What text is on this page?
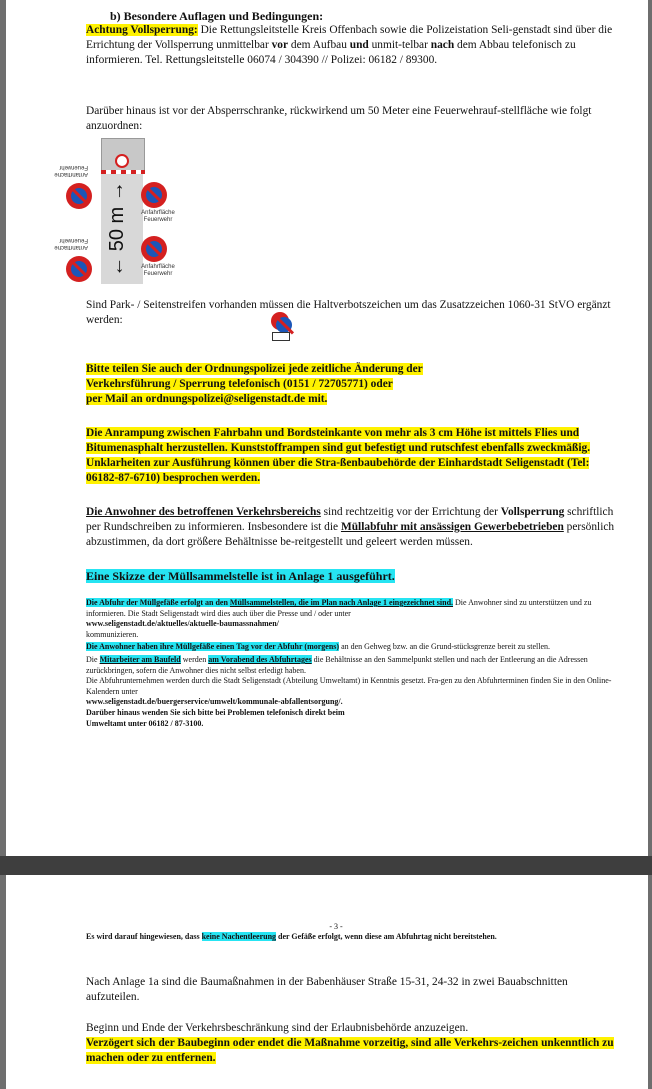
b) Besondere Auflagen und Bedingungen:
Achtung Vollsperrung: Die Rettungsleitstelle Kreis Offenbach sowie die Polizeistation Seli-genstadt sind über die Errichtung der Vollsperrung unmittelbar vor dem Aufbau und unmit-telbar nach dem Abbau telefonisch zu informieren. Tel. Rettungsleitstelle 06074 / 304390 // Polizei: 06182 / 89300.
Darüber hinaus ist vor der Absperrschranke, rückwirkend um 50 Meter eine Feuerwehrauf-stellfläche wie folgt anzuordnen:
← 50 m →	Anfahrfläche Feuerwehr
Anfahrfläche Feuerwehr
Anfahrfläche Feuerwehr
Anfahrfläche Feuerwehr
Sind Park- / Seitenstreifen vorhanden müssen die Haltverbotszeichen um das Zusatzzeichen 1060-31 StVO ergänzt werden:
Bitte teilen Sie auch der Ordnungspolizei jede zeitliche Änderung der
Verkehrsführung / Sperrung telefonisch (0151 / 72705771) oder
per Mail an ordnungspolizei@seligenstadt.de mit.
Die Anrampung zwischen Fahrbahn und Bordsteinkante von mehr als 3 cm Höhe ist mittels Flies und Bitumenasphalt herzustellen. Kunststofframpen sind gut befestigt und rutschfest ebenfalls zweckmäßig. Unklarheiten zur Ausführung können über die Stra-ßenbaubehörde der Einhardstadt Seligenstadt (Tel: 06182-87-6710) besprochen werden.
Die Anwohner des betroffenen Verkehrsbereichs sind rechtzeitig vor der Errichtung der Vollsperrung schriftlich per Rundschreiben zu informieren. Insbesondere ist die Müllabfuhr mit ansässigen Gewerbebetrieben persönlich abzustimmen, da dort größere Behältnisse be-reitgestellt und geleert werden müssen.
Eine Skizze der Müllsammelstelle ist in Anlage 1 ausgeführt.

Die Abfuhr der Müllgefäße erfolgt an den Müllsammelstellen, die im Plan nach Anlage 1 eingezeichnet sind. Die Anwohner sind zu unterstützen und zu informieren. Die Stadt Seligenstadt wird dies auch über die Presse und / oder unter

www.seligenstadt.de/aktuelles/aktuelle-baumassnahmen/

kommunizieren.

Die Anwohner haben ihre Müllgefäße einen Tag vor der Abfuhr (morgens) an den Gehweg bzw. an die Grund-stücksgrenze bereit zu stellen.

Die Mitarbeiter am Baufeld werden am Vorabend des Abfuhrtages die Behältnisse an den Sammelpunkt stellen und nach der Entleerung an die Adressen zurückbringen, sofern die Anwohner dies nicht selbst erledigt haben.

Die Abfuhrunternehmen werden durch die Stadt Seligenstadt (Abteilung Umweltamt) in Kenntnis gesetzt. Fra-gen zu den Abfuhrterminen finden Sie in den Online-Kalendern unter

www.seligenstadt.de/buergerservice/umwelt/kommunale-abfallentsorgung/.

Darüber hinaus wenden Sie sich bitte bei Problemen telefonisch direkt beim

Umweltamt unter 06182 / 87-3100.

- 3 -
Es wird darauf hingewiesen, dass keine Nachentleerung der Gefäße erfolgt, wenn diese am Abfuhrtag nicht bereitstehen.
Nach Anlage 1a sind die Baumaßnahmen in der Babenhäuser Straße 15-31, 24-32 in zwei Bauabschnitten aufzuteilen.
Beginn und Ende der Verkehrsbeschränkung sind der Erlaubnisbehörde anzuzeigen.
Verzögert sich der Baubeginn oder endet die Maßnahme vorzeitig, sind alle Verkehrs-zeichen unkenntlich zu machen oder zu entfernen.
